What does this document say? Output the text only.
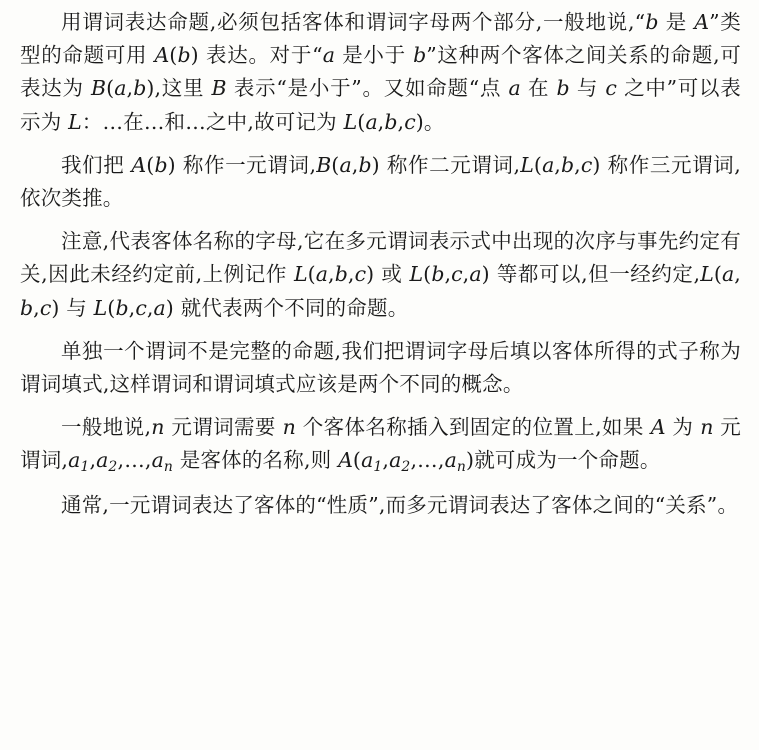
用谓词表达命题,必须包括客体和谓词字母两个部分,一般地说,“b 是 A”类型的命题可用 A(b) 表达。对于“a 是小于 b”这种两个客体之间关系的命题,可表达为 B(a,b),这里 B 表示“是小于”。又如命题“点 a 在 b 与 c 之中”可以表示为 L：…在…和…之中,故可记为 L(a,b,c)。

我们把 A(b) 称作一元谓词,B(a,b) 称作二元谓词,L(a,b,c) 称作三元谓词,依次类推。

注意,代表客体名称的字母,它在多元谓词表示式中出现的次序与事先约定有关,因此未经约定前,上例记作 L(a,b,c) 或 L(b,c,a) 等都可以,但一经约定,L(a,b,c) 与 L(b,c,a) 就代表两个不同的命题。

单独一个谓词不是完整的命题,我们把谓词字母后填以客体所得的式子称为谓词填式,这样谓词和谓词填式应该是两个不同的概念。

一般地说,n 元谓词需要 n 个客体名称插入到固定的位置上,如果 A 为 n 元谓词$,a_1,a_2,\dots,a_n$ 是客体的名称,则 $A(a_1,a_2,\dots,a_n)$就可成为一个命题。

通常,一元谓词表达了客体的“性质”,而多元谓词表达了客体之间的“关系”。
